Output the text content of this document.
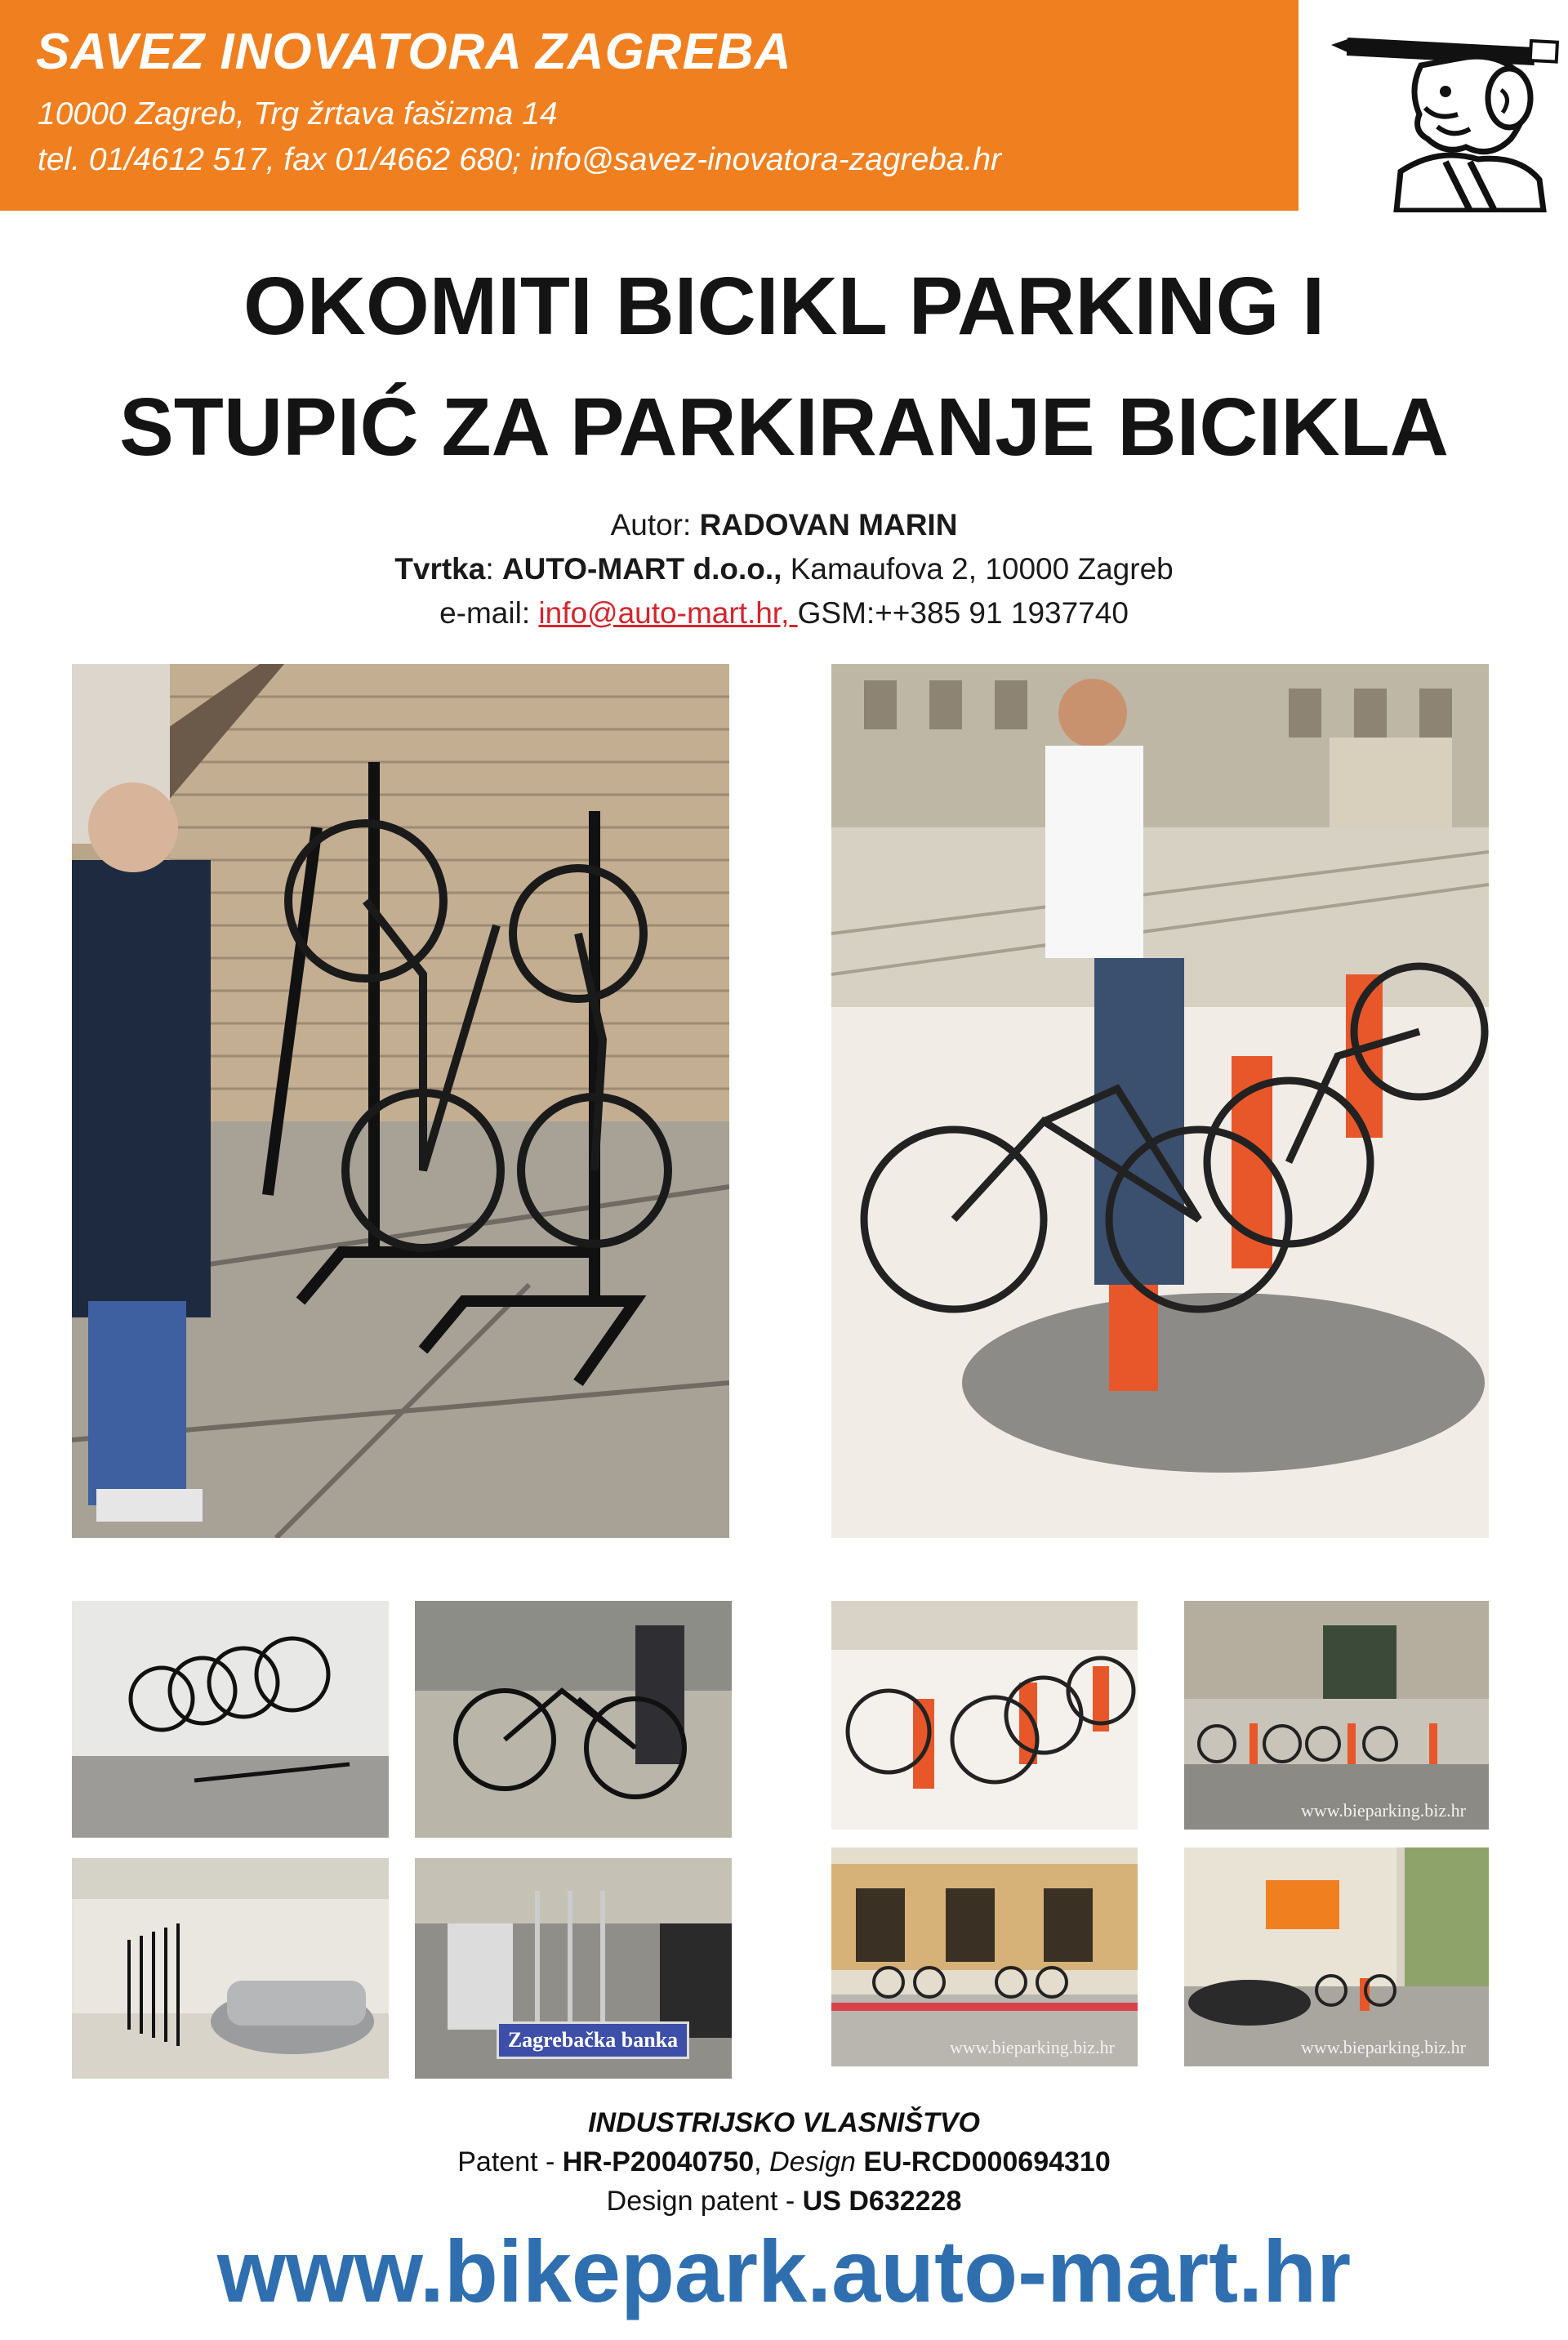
SAVEZ INOVATORA ZAGREBA
10000 Zagreb, Trg žrtava fašizma 14
tel. 01/4612 517, fax 01/4662 680; info@savez-inovatora-zagreba.hr
OKOMITI BICIKL PARKING I
STUPIĆ ZA PARKIRANJE BICIKLA
Autor: RADOVAN MARIN
Tvrtka: AUTO-MART d.o.o., Kamaufova 2, 10000 Zagreb
e-mail: info@auto-mart.hr, GSM:++385 91 1937740
www.bieparking.biz.hr
Zagrebačka banka	www.bieparking.biz.hr	www.bieparking.biz.hr
INDUSTRIJSKO VLASNIŠTVO
Patent - HR-P20040750, Design EU-RCD000694310
Design patent - US D632228
www.bikepark.auto-mart.hr
